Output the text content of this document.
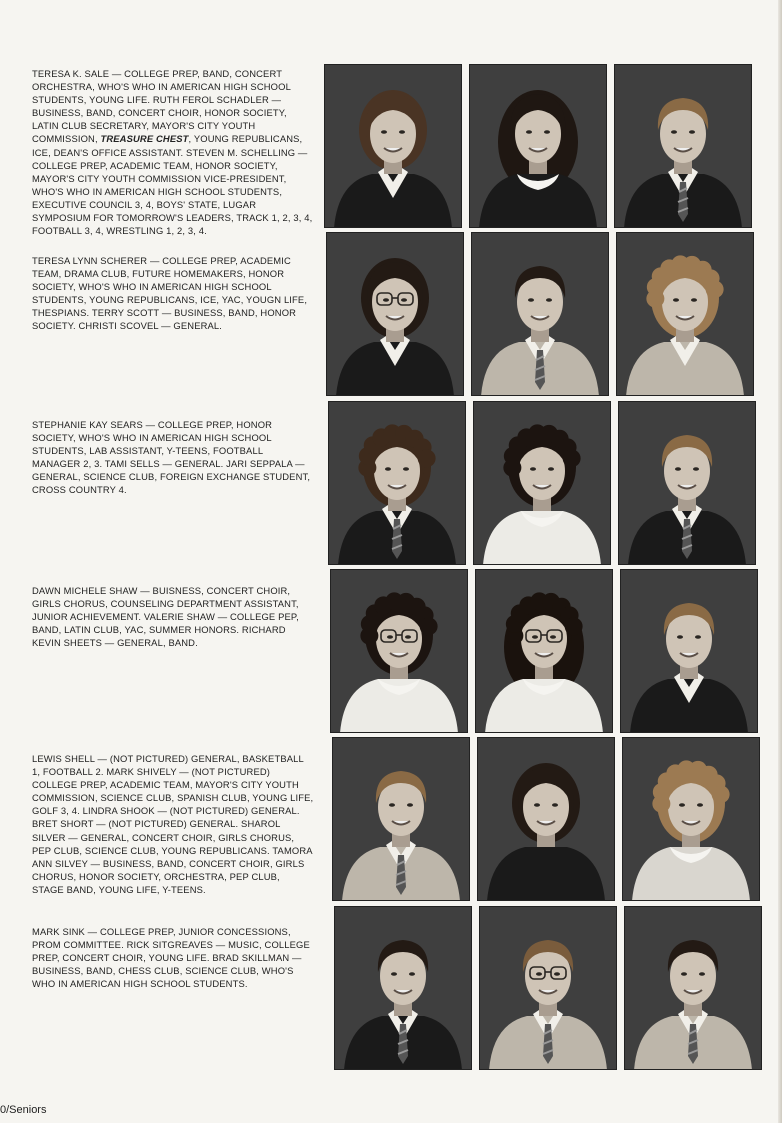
TERESA K. SALE — COLLEGE PREP, BAND, CONCERT ORCHESTRA, WHO'S WHO IN AMERICAN HIGH SCHOOL STUDENTS, YOUNG LIFE. RUTH FEROL SCHADLER — BUSINESS, BAND, CONCERT CHOIR, HONOR SOCIETY, LATIN CLUB SECRETARY, MAYOR'S CITY YOUTH COMMISSION, TREASURE CHEST, YOUNG REPUBLICANS, ICE, DEAN'S OFFICE ASSISTANT. STEVEN M. SCHELLING — COLLEGE PREP, ACADEMIC TEAM, HONOR SOCIETY, MAYOR'S CITY YOUTH COMMISSION VICE-PRESIDENT, WHO'S WHO IN AMERICAN HIGH SCHOOL STUDENTS, EXECUTIVE COUNCIL 3, 4, BOYS' STATE, LUGAR SYMPOSIUM FOR TOMORROW'S LEADERS, TRACK 1, 2, 3, 4, FOOTBALL 3, 4, WRESTLING 1, 2, 3, 4.
TERESA LYNN SCHERER — COLLEGE PREP, ACADEMIC TEAM, DRAMA CLUB, FUTURE HOMEMAKERS, HONOR SOCIETY, WHO'S WHO IN AMERICAN HIGH SCHOOL STUDENTS, YOUNG REPUBLICANS, ICE, YAC, YOUGN LIFE, THESPIANS. TERRY SCOTT — BUSINESS, BAND, HONOR SOCIETY. CHRISTI SCOVEL — GENERAL.
STEPHANIE KAY SEARS — COLLEGE PREP, HONOR SOCIETY, WHO'S WHO IN AMERICAN HIGH SCHOOL STUDENTS, LAB ASSISTANT, Y-TEENS, FOOTBALL MANAGER 2, 3. TAMI SELLS — GENERAL. JARI SEPPALA — GENERAL, SCIENCE CLUB, FOREIGN EXCHANGE STUDENT, CROSS COUNTRY 4.
DAWN MICHELE SHAW — BUISNESS, CONCERT CHOIR, GIRLS CHORUS, COUNSELING DEPARTMENT ASSISTANT, JUNIOR ACHIEVEMENT. VALERIE SHAW — COLLEGE PEP, BAND, LATIN CLUB, YAC, SUMMER HONORS. RICHARD KEVIN SHEETS — GENERAL, BAND.
LEWIS SHELL — (NOT PICTURED) GENERAL, BASKETBALL 1, FOOTBALL 2. MARK SHIVELY — (NOT PICTURED) COLLEGE PREP, ACADEMIC TEAM, MAYOR'S CITY YOUTH COMMISSION, SCIENCE CLUB, SPANISH CLUB, YOUNG LIFE, GOLF 3, 4. LINDRA SHOOK — (NOT PICTURED) GENERAL. BRET SHORT — (NOT PICTURED) GENERAL. SHAROL SILVER — GENERAL, CONCERT CHOIR, GIRLS CHORUS, PEP CLUB, SCIENCE CLUB, YOUNG REPUBLICANS. TAMORA ANN SILVEY — BUSINESS, BAND, CONCERT CHOIR, GIRLS CHORUS, HONOR SOCIETY, ORCHESTRA, PEP CLUB, STAGE BAND, YOUNG LIFE, Y-TEENS.
MARK SINK — COLLEGE PREP, JUNIOR CONCESSIONS, PROM COMMITTEE. RICK SITGREAVES — MUSIC, COLLEGE PREP, CONCERT CHOIR, YOUNG LIFE. BRAD SKILLMAN — BUSINESS, BAND, CHESS CLUB, SCIENCE CLUB, WHO'S WHO IN AMERICAN HIGH SCHOOL STUDENTS.
0/Seniors
